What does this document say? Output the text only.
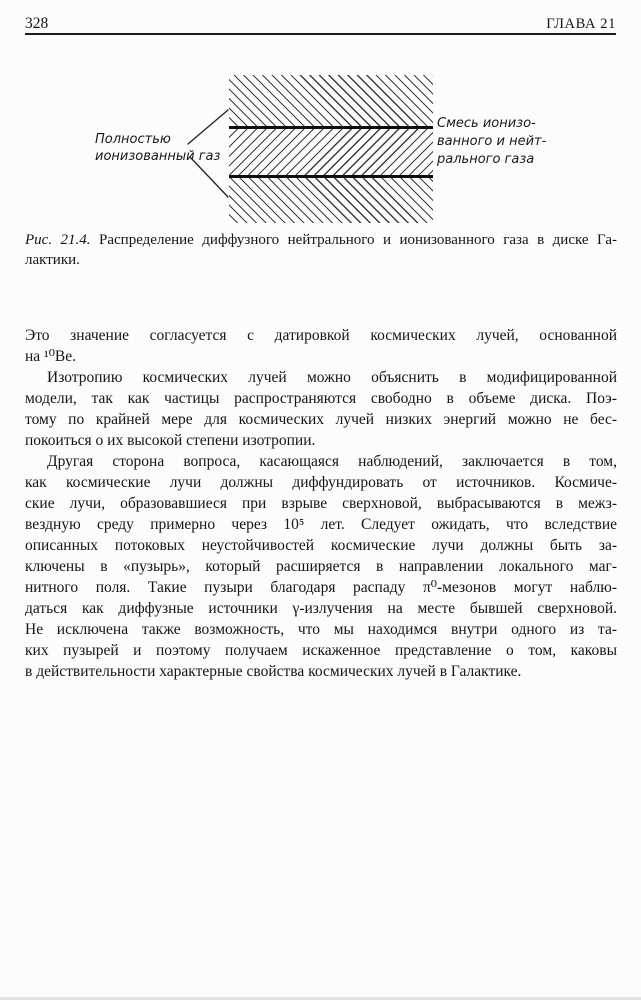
328	ГЛАВА 21
Полностью
ионизованный газ
Смесь ионизо-
ванного и нейт-
рального газа
Рис. 21.4. Распределение диффузного нейтрального и ионизованного газа в диске Га-лактики.
Это значение согласуется с датировкой космических лучей, основанной
на ¹⁰Be.
Изотропию космических лучей можно объяснить в модифицированной
модели, так как частицы распространяются свободно в объеме диска. Поэ-
тому по крайней мере для космических лучей низких энергий можно не бес-
покоиться о их высокой степени изотропии.
Другая сторона вопроса, касающаяся наблюдений, заключается в том,
как космические лучи должны диффундировать от источников. Космиче-
ские лучи, образовавшиеся при взрыве сверхновой, выбрасываются в межз-
вездную среду примерно через 10⁵ лет. Следует ожидать, что вследствие
описанных потоковых неустойчивостей космические лучи должны быть за-
ключены в «пузырь», который расширяется в направлении локального маг-
нитного поля. Такие пузыри благодаря распаду π⁰-мезонов могут наблю-
даться как диффузные источники γ-излучения на месте бывшей сверхновой.
Не исключена также возможность, что мы находимся внутри одного из та-
ких пузырей и поэтому получаем искаженное представление о том, каковы
в действительности характерные свойства космических лучей в Галактике.
